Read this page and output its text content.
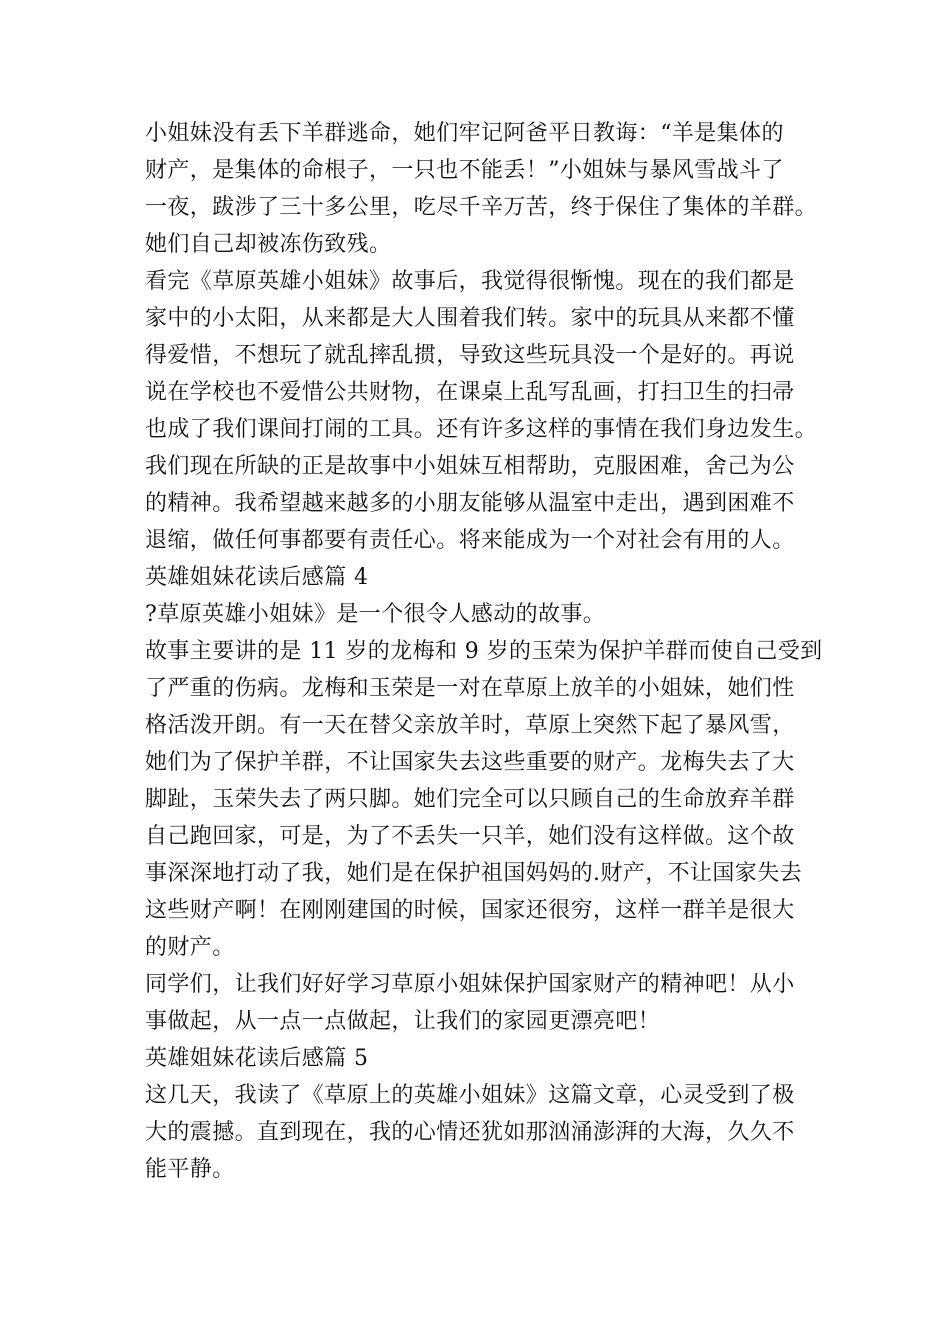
小姐妹没有丢下羊群逃命，她们牢记阿爸平日教诲：“羊是集体的
财产，是集体的命根子，一只也不能丢！”小姐妹与暴风雪战斗了
一夜，跋涉了三十多公里，吃尽千辛万苦，终于保住了集体的羊群。
她们自己却被冻伤致残。
看完《草原英雄小姐妹》故事后，我觉得很惭愧。现在的我们都是
家中的小太阳，从来都是大人围着我们转。家中的玩具从来都不懂
得爱惜，不想玩了就乱摔乱掼，导致这些玩具没一个是好的。再说
说在学校也不爱惜公共财物，在课桌上乱写乱画，打扫卫生的扫帚
也成了我们课间打闹的工具。还有许多这样的事情在我们身边发生。
我们现在所缺的正是故事中小姐妹互相帮助，克服困难，舍己为公
的精神。我希望越来越多的小朋友能够从温室中走出，遇到困难不
退缩，做任何事都要有责任心。将来能成为一个对社会有用的人。
英雄姐妹花读后感篇 4
?草原英雄小姐妹》是一个很令人感动的故事。
故事主要讲的是 11 岁的龙梅和 9 岁的玉荣为保护羊群而使自己受到
了严重的伤病。龙梅和玉荣是一对在草原上放羊的小姐妹，她们性
格活泼开朗。有一天在替父亲放羊时，草原上突然下起了暴风雪，
她们为了保护羊群，不让国家失去这些重要的财产。龙梅失去了大
脚趾，玉荣失去了两只脚。她们完全可以只顾自己的生命放弃羊群
自己跑回家，可是，为了不丢失一只羊，她们没有这样做。这个故
事深深地打动了我，她们是在保护祖国妈妈的.财产，不让国家失去
这些财产啊！在刚刚建国的时候，国家还很穷，这样一群羊是很大
的财产。
同学们，让我们好好学习草原小姐妹保护国家财产的精神吧！从小
事做起，从一点一点做起，让我们的家园更漂亮吧！
英雄姐妹花读后感篇 5
这几天，我读了《草原上的英雄小姐妹》这篇文章，心灵受到了极
大的震撼。直到现在，我的心情还犹如那汹涌澎湃的大海，久久不
能平静。
